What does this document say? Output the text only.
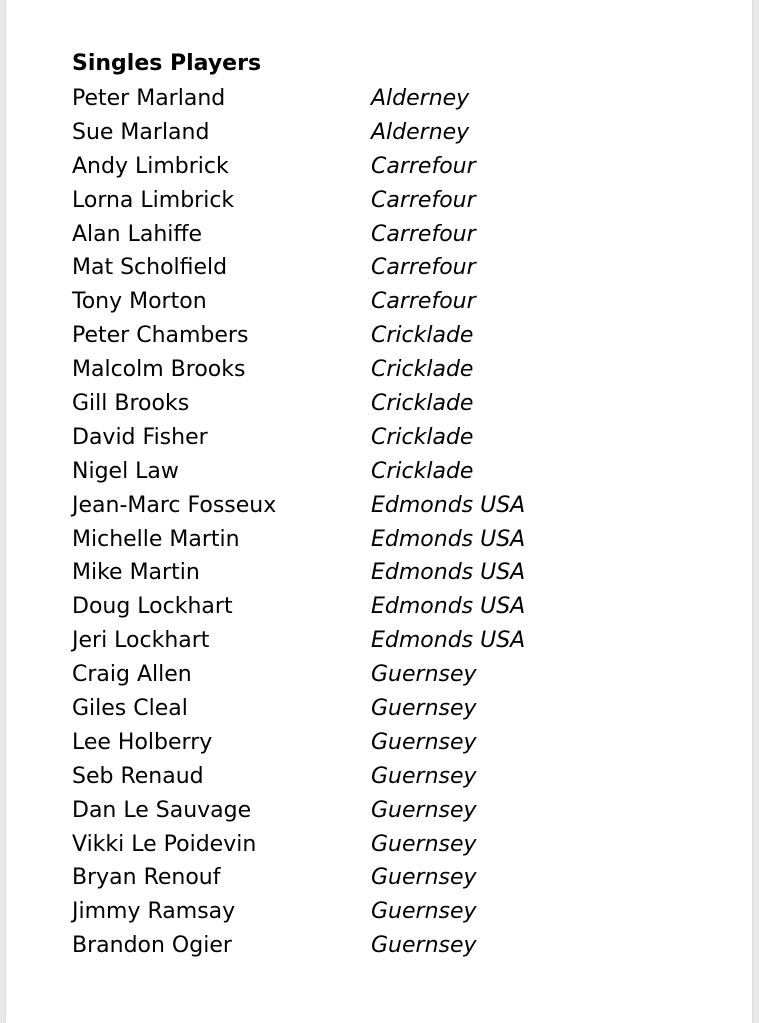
Singles Players
Peter Marland	Alderney
Sue Marland	Alderney
Andy Limbrick	Carrefour
Lorna Limbrick	Carrefour
Alan Lahiffe	Carrefour
Mat Scholfield	Carrefour
Tony Morton	Carrefour
Peter Chambers	Cricklade
Malcolm Brooks	Cricklade
Gill Brooks	Cricklade
David Fisher	Cricklade
Nigel Law	Cricklade
Jean-Marc Fosseux	Edmonds USA
Michelle Martin	Edmonds USA
Mike Martin	Edmonds USA
Doug Lockhart	Edmonds USA
Jeri Lockhart	Edmonds USA
Craig Allen	Guernsey
Giles Cleal	Guernsey
Lee Holberry	Guernsey
Seb Renaud	Guernsey
Dan Le Sauvage	Guernsey
Vikki Le Poidevin	Guernsey
Bryan Renouf	Guernsey
Jimmy Ramsay	Guernsey
Brandon Ogier	Guernsey
